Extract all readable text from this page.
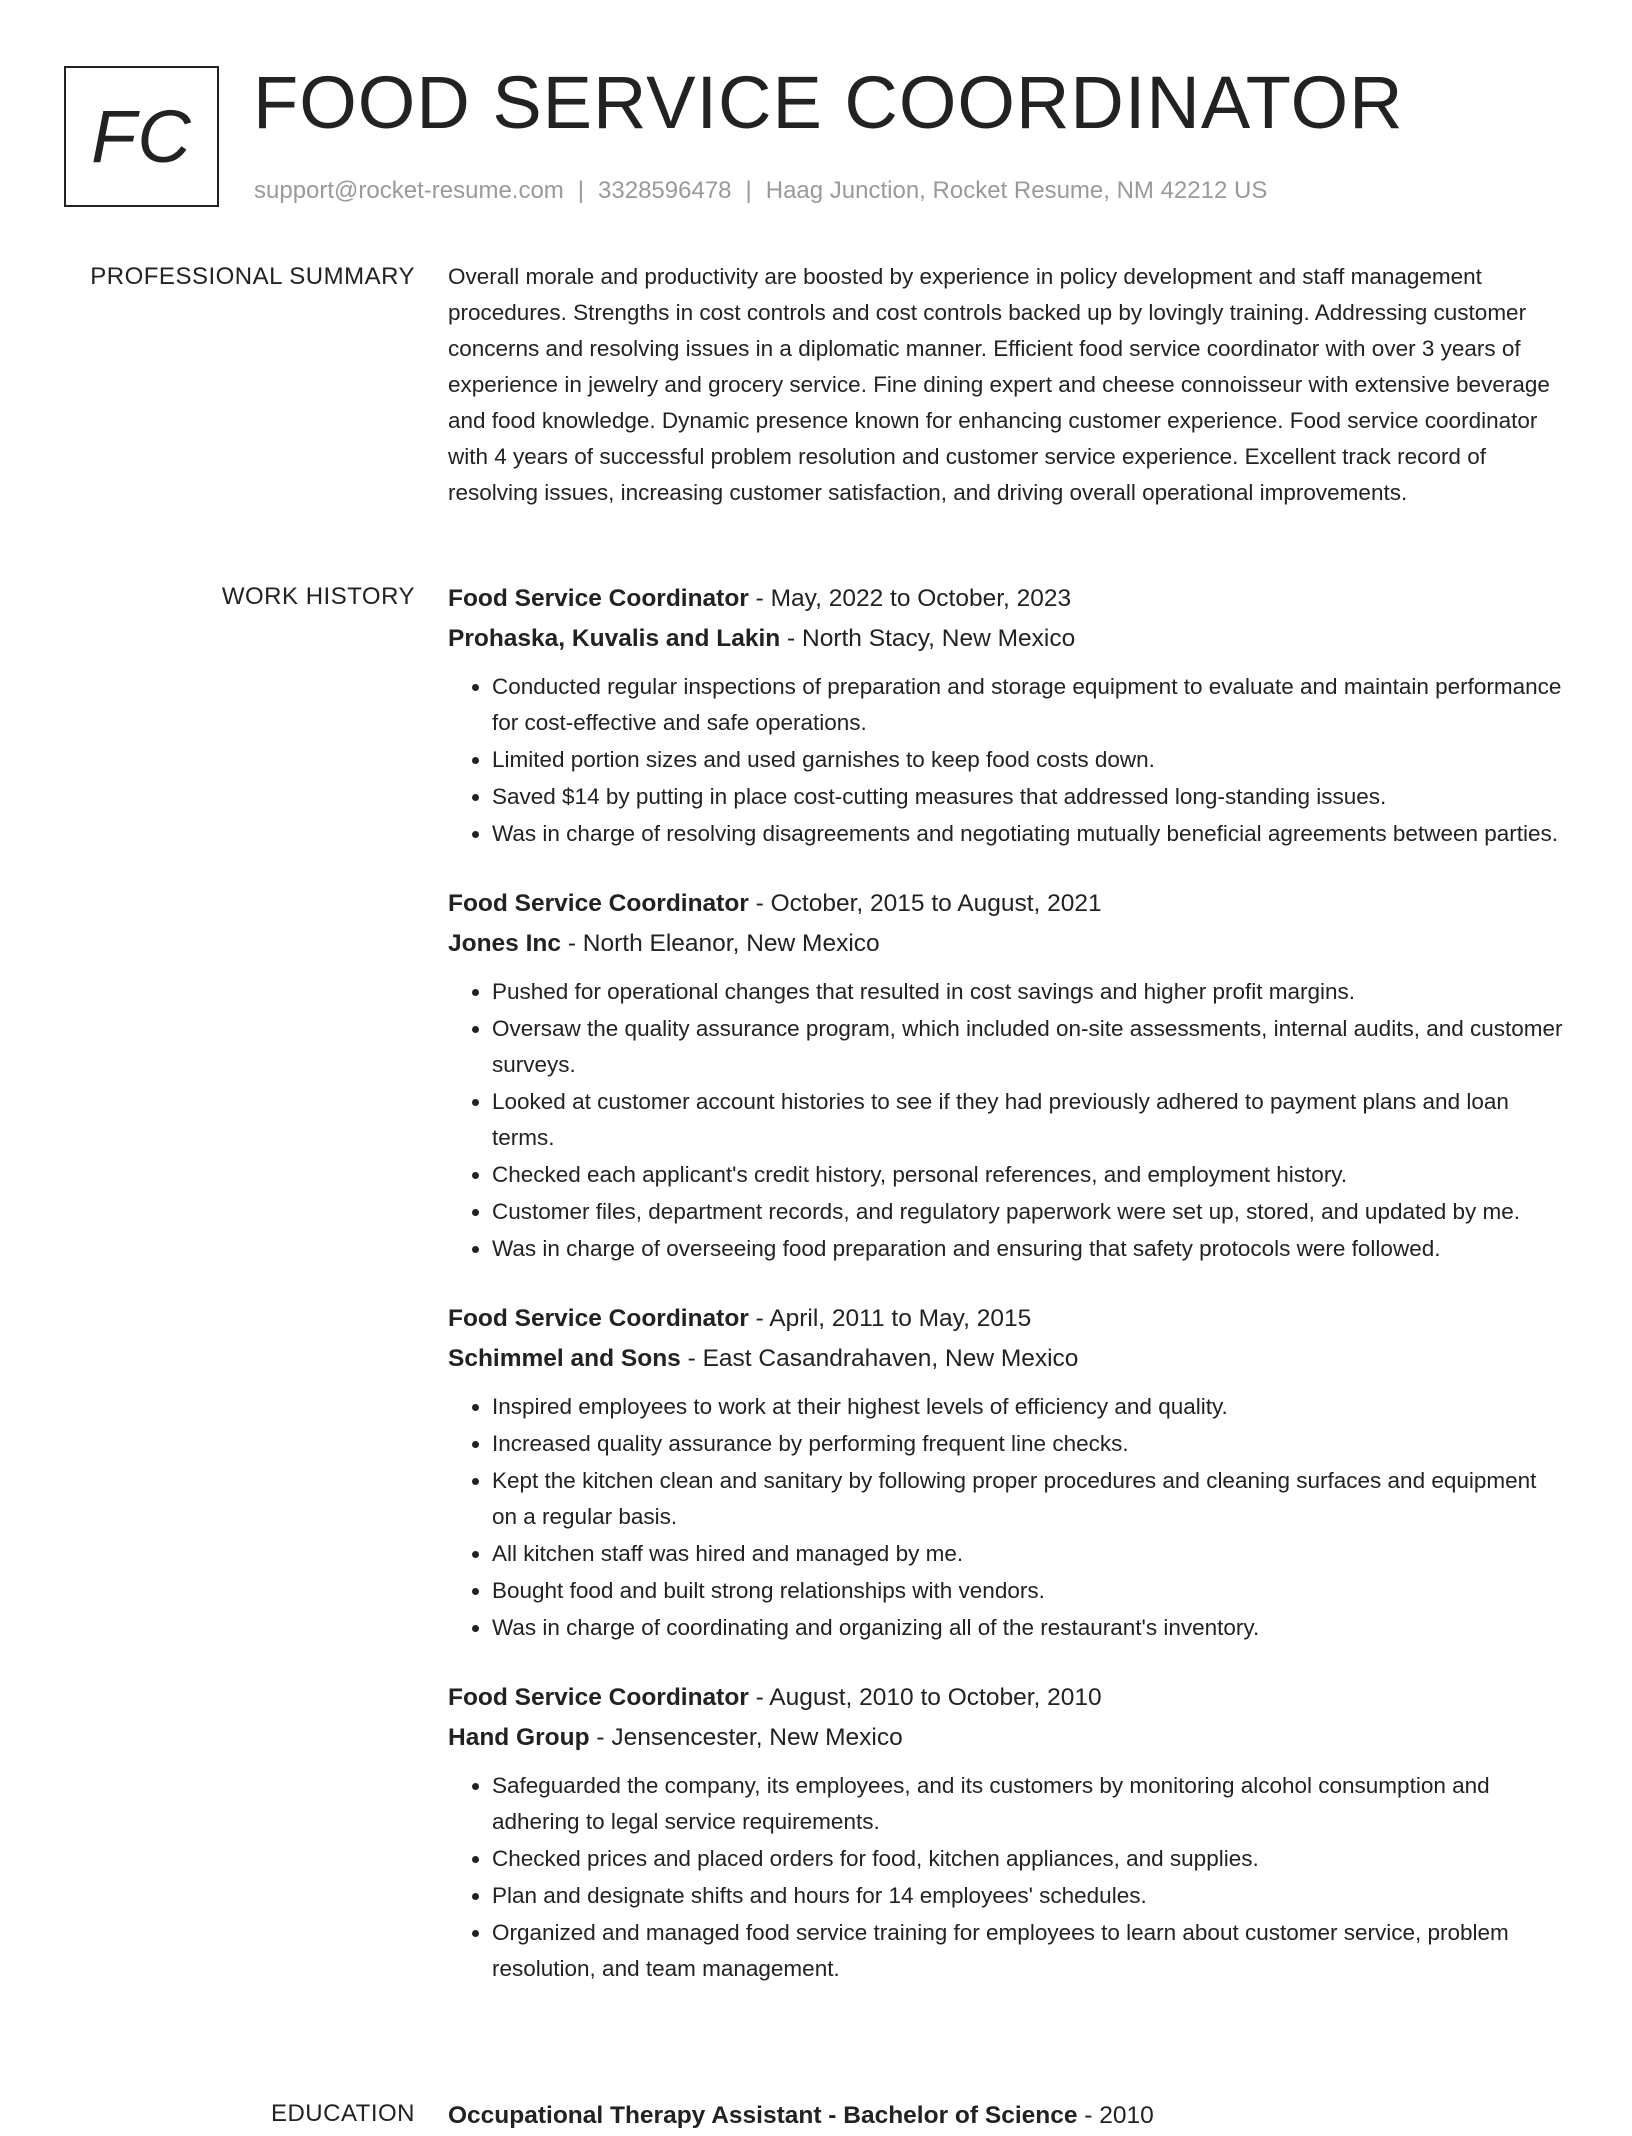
FC FOOD SERVICE COORDINATOR
support@rocket-resume.com | 3328596478 | Haag Junction, Rocket Resume, NM 42212 US
PROFESSIONAL SUMMARY Overall morale and productivity are boosted by experience in policy development and staff management procedures. Strengths in cost controls and cost controls backed up by lovingly training. Addressing customer concerns and resolving issues in a diplomatic manner. Efficient food service coordinator with over 3 years of experience in jewelry and grocery service. Fine dining expert and cheese connoisseur with extensive beverage and food knowledge. Dynamic presence known for enhancing customer experience. Food service coordinator with 4 years of successful problem resolution and customer service experience. Excellent track record of resolving issues, increasing customer satisfaction, and driving overall operational improvements.

WORK HISTORY Food Service Coordinator - May, 2022 to October, 2023
Prohaska, Kuvalis and Lakin - North Stacy, New Mexico
• Conducted regular inspections of preparation and storage equipment to evaluate and maintain performance for cost-effective and safe operations.
• Limited portion sizes and used garnishes to keep food costs down.
• Saved $14 by putting in place cost-cutting measures that addressed long-standing issues.
• Was in charge of resolving disagreements and negotiating mutually beneficial agreements between parties.
Food Service Coordinator - October, 2015 to August, 2021
Jones Inc - North Eleanor, New Mexico
• Pushed for operational changes that resulted in cost savings and higher profit margins.
• Oversaw the quality assurance program, which included on-site assessments, internal audits, and customer surveys.
• Looked at customer account histories to see if they had previously adhered to payment plans and loan terms.
• Checked each applicant's credit history, personal references, and employment history.
• Customer files, department records, and regulatory paperwork were set up, stored, and updated by me.
• Was in charge of overseeing food preparation and ensuring that safety protocols were followed.
Food Service Coordinator - April, 2011 to May, 2015
Schimmel and Sons - East Casandrahaven, New Mexico
• Inspired employees to work at their highest levels of efficiency and quality.
• Increased quality assurance by performing frequent line checks.
• Kept the kitchen clean and sanitary by following proper procedures and cleaning surfaces and equipment on a regular basis.
• All kitchen staff was hired and managed by me.
• Bought food and built strong relationships with vendors.
• Was in charge of coordinating and organizing all of the restaurant's inventory.
Food Service Coordinator - August, 2010 to October, 2010
Hand Group - Jensencester, New Mexico
• Safeguarded the company, its employees, and its customers by monitoring alcohol consumption and adhering to legal service requirements.
• Checked prices and placed orders for food, kitchen appliances, and supplies.
• Plan and designate shifts and hours for 14 employees' schedules.
• Organized and managed food service training for employees to learn about customer service, problem resolution, and team management.
EDUCATION Occupational Therapy Assistant - Bachelor of Science - 2010
